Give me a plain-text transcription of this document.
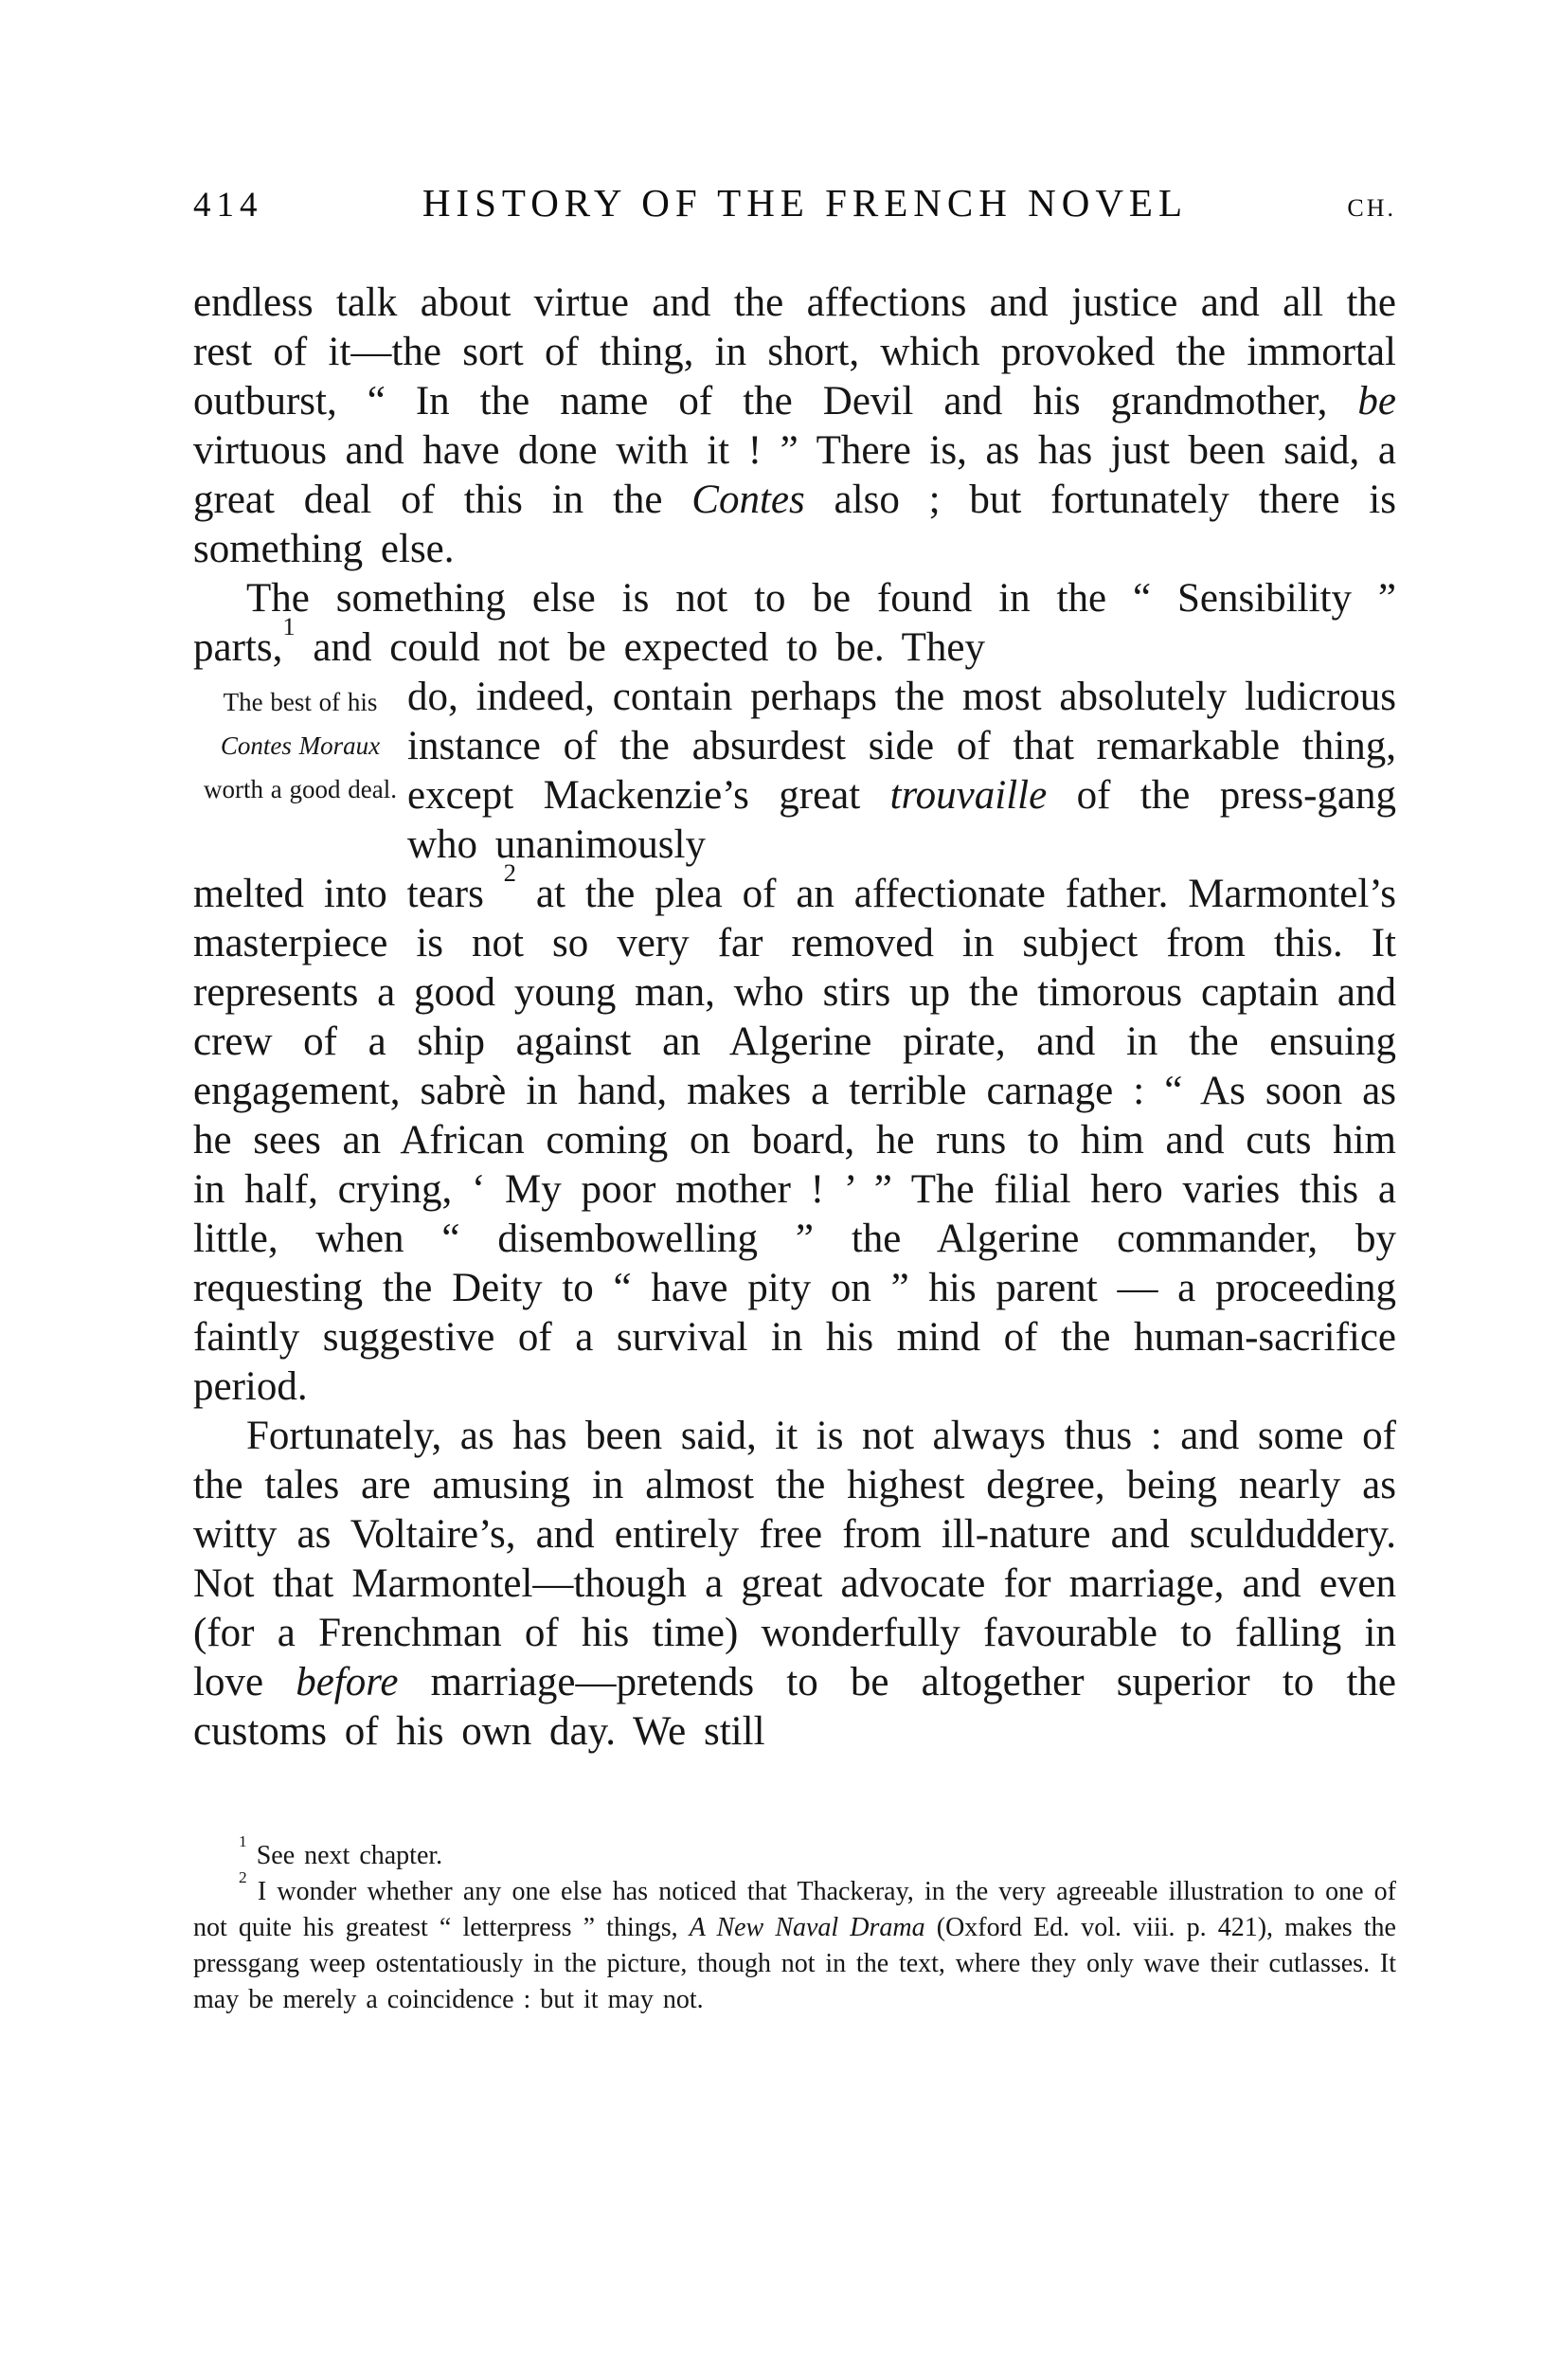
414	HISTORY OF THE FRENCH NOVEL	CH.

endless talk about virtue and the affections and justice and all the rest of it—the sort of thing, in short, which provoked the immortal outburst, “ In the name of the Devil and his grandmother, be virtuous and have done with it ! ” There is, as has just been said, a great deal of this in the Contes also ; but fortunately there is something else.

The something else is not to be found in the “ Sensibility ” parts,$^1$ and could not be expected to be. They

The best of his Contes Moraux worth a good deal.

do, indeed, contain perhaps the most absolutely ludicrous instance of the absurdest side of that remarkable thing, except Mackenzie’s great trouvaille of the press-gang who unanimously

melted into tears $^2$ at the plea of an affectionate father. Marmontel’s masterpiece is not so very far removed in subject from this. It represents a good young man, who stirs up the timorous captain and crew of a ship against an Algerine pirate, and in the ensuing engagement, sabrè in hand, makes a terrible carnage : “ As soon as he sees an African coming on board, he runs to him and cuts him in half, crying, ‘ My poor mother ! ’ ” The filial hero varies this a little, when “ disembowelling ” the Algerine commander, by requesting the Deity to “ have pity on ” his parent — a proceeding faintly suggestive of a survival in his mind of the human-sacrifice period.

Fortunately, as has been said, it is not always thus : and some of the tales are amusing in almost the highest degree, being nearly as witty as Voltaire’s, and entirely free from ill-nature and sculduddery. Not that Marmontel—though a great advocate for marriage, and even (for a Frenchman of his time) wonderfully favourable to falling in love before marriage—pretends to be altogether superior to the customs of his own day. We still

$^1$ See next chapter.

$^2$ I wonder whether any one else has noticed that Thackeray, in the very agreeable illustration to one of not quite his greatest “ letterpress ” things, A New Naval Drama (Oxford Ed. vol. viii. p. 421), makes the pressgang weep ostentatiously in the picture, though not in the text, where they only wave their cutlasses. It may be merely a coincidence : but it may not.
